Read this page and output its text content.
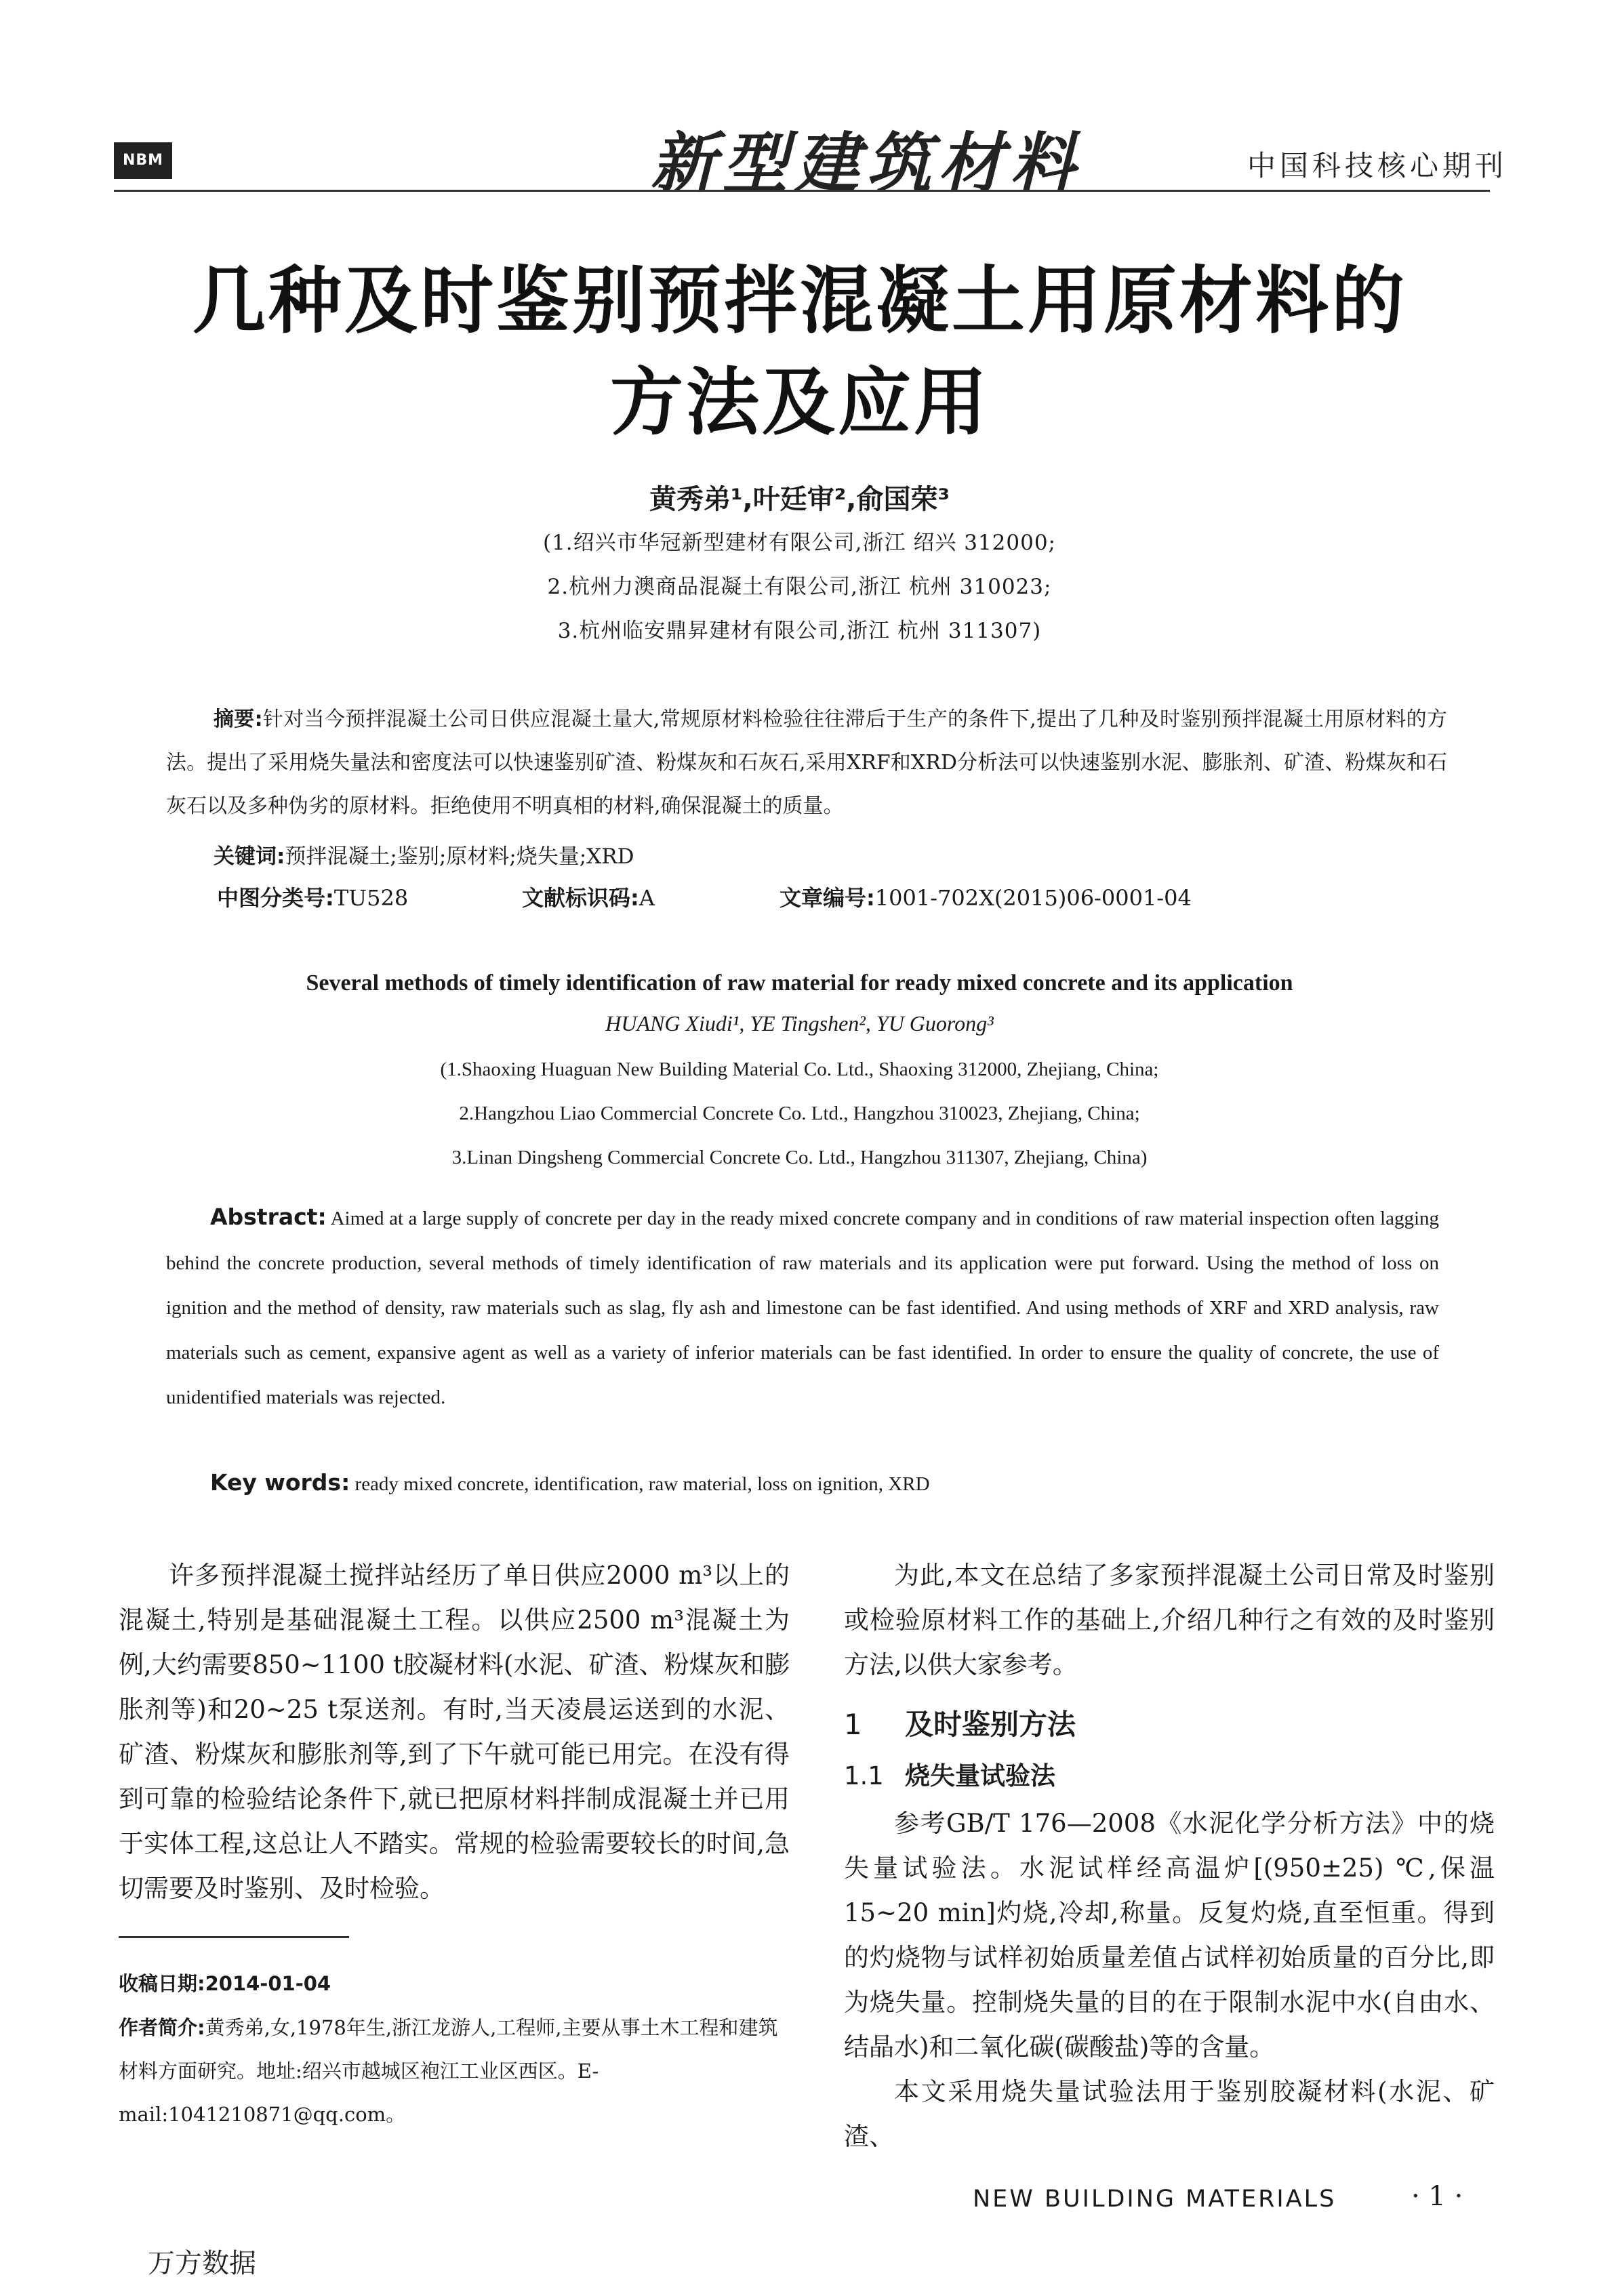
NBM	新型建筑材料	中国科技核心期刊
几种及时鉴别预拌混凝土用原材料的
方法及应用
黄秀弟¹,叶廷审²,俞国荣³
(1.绍兴市华冠新型建材有限公司,浙江 绍兴 312000;
2.杭州力澳商品混凝土有限公司,浙江 杭州 310023;
3.杭州临安鼎昇建材有限公司,浙江 杭州 311307)
摘要:针对当今预拌混凝土公司日供应混凝土量大,常规原材料检验往往滞后于生产的条件下,提出了几种及时鉴别预拌混凝土用原材料的方法。提出了采用烧失量法和密度法可以快速鉴别矿渣、粉煤灰和石灰石,采用XRF和XRD分析法可以快速鉴别水泥、膨胀剂、矿渣、粉煤灰和石灰石以及多种伪劣的原材料。拒绝使用不明真相的材料,确保混凝土的质量。
关键词:预拌混凝土;鉴别;原材料;烧失量;XRD
中图分类号:TU528	文献标识码:A	文章编号:1001-702X(2015)06-0001-04
Several methods of timely identification of raw material for ready mixed concrete and its application
HUANG Xiudi¹, YE Tingshen², YU Guorong³
(1.Shaoxing Huaguan New Building Material Co. Ltd., Shaoxing 312000, Zhejiang, China;
2.Hangzhou Liao Commercial Concrete Co. Ltd., Hangzhou 310023, Zhejiang, China;
3.Linan Dingsheng Commercial Concrete Co. Ltd., Hangzhou 311307, Zhejiang, China)
Abstract: Aimed at a large supply of concrete per day in the ready mixed concrete company and in conditions of raw material inspection often lagging behind the concrete production, several methods of timely identification of raw materials and its application were put forward. Using the method of loss on ignition and the method of density, raw materials such as slag, fly ash and limestone can be fast identified. And using methods of XRF and XRD analysis, raw materials such as cement, expansive agent as well as a variety of inferior materials can be fast identified. In order to ensure the quality of concrete, the use of unidentified materials was rejected.
Key words: ready mixed concrete, identification, raw material, loss on ignition, XRD

许多预拌混凝土搅拌站经历了单日供应2000 m³以上的混凝土,特别是基础混凝土工程。以供应2500 m³混凝土为例,大约需要850~1100 t胶凝材料(水泥、矿渣、粉煤灰和膨胀剂等)和20~25 t泵送剂。有时,当天凌晨运送到的水泥、矿渣、粉煤灰和膨胀剂等,到了下午就可能已用完。在没有得到可靠的检验结论条件下,就已把原材料拌制成混凝土并已用于实体工程,这总让人不踏实。常规的检验需要较长的时间,急切需要及时鉴别、及时检验。

收稿日期:2014-01-04
作者简介:黄秀弟,女,1978年生,浙江龙游人,工程师,主要从事土木工程和建筑材料方面研究。地址:绍兴市越城区袍江工业区西区。E-mail:1041210871@qq.com。

为此,本文在总结了多家预拌混凝土公司日常及时鉴别或检验原材料工作的基础上,介绍几种行之有效的及时鉴别方法,以供大家参考。

1 及时鉴别方法
1.1 烧失量试验法

参考GB/T 176—2008《水泥化学分析方法》中的烧失量试验法。水泥试样经高温炉[(950±25) ℃,保温15~20 min]灼烧,冷却,称量。反复灼烧,直至恒重。得到的灼烧物与试样初始质量差值占试样初始质量的百分比,即为烧失量。控制烧失量的目的在于限制水泥中水(自由水、结晶水)和二氧化碳(碳酸盐)等的含量。

本文采用烧失量试验法用于鉴别胶凝材料(水泥、矿渣、

NEW BUILDING MATERIALS	· 1 ·
万方数据
